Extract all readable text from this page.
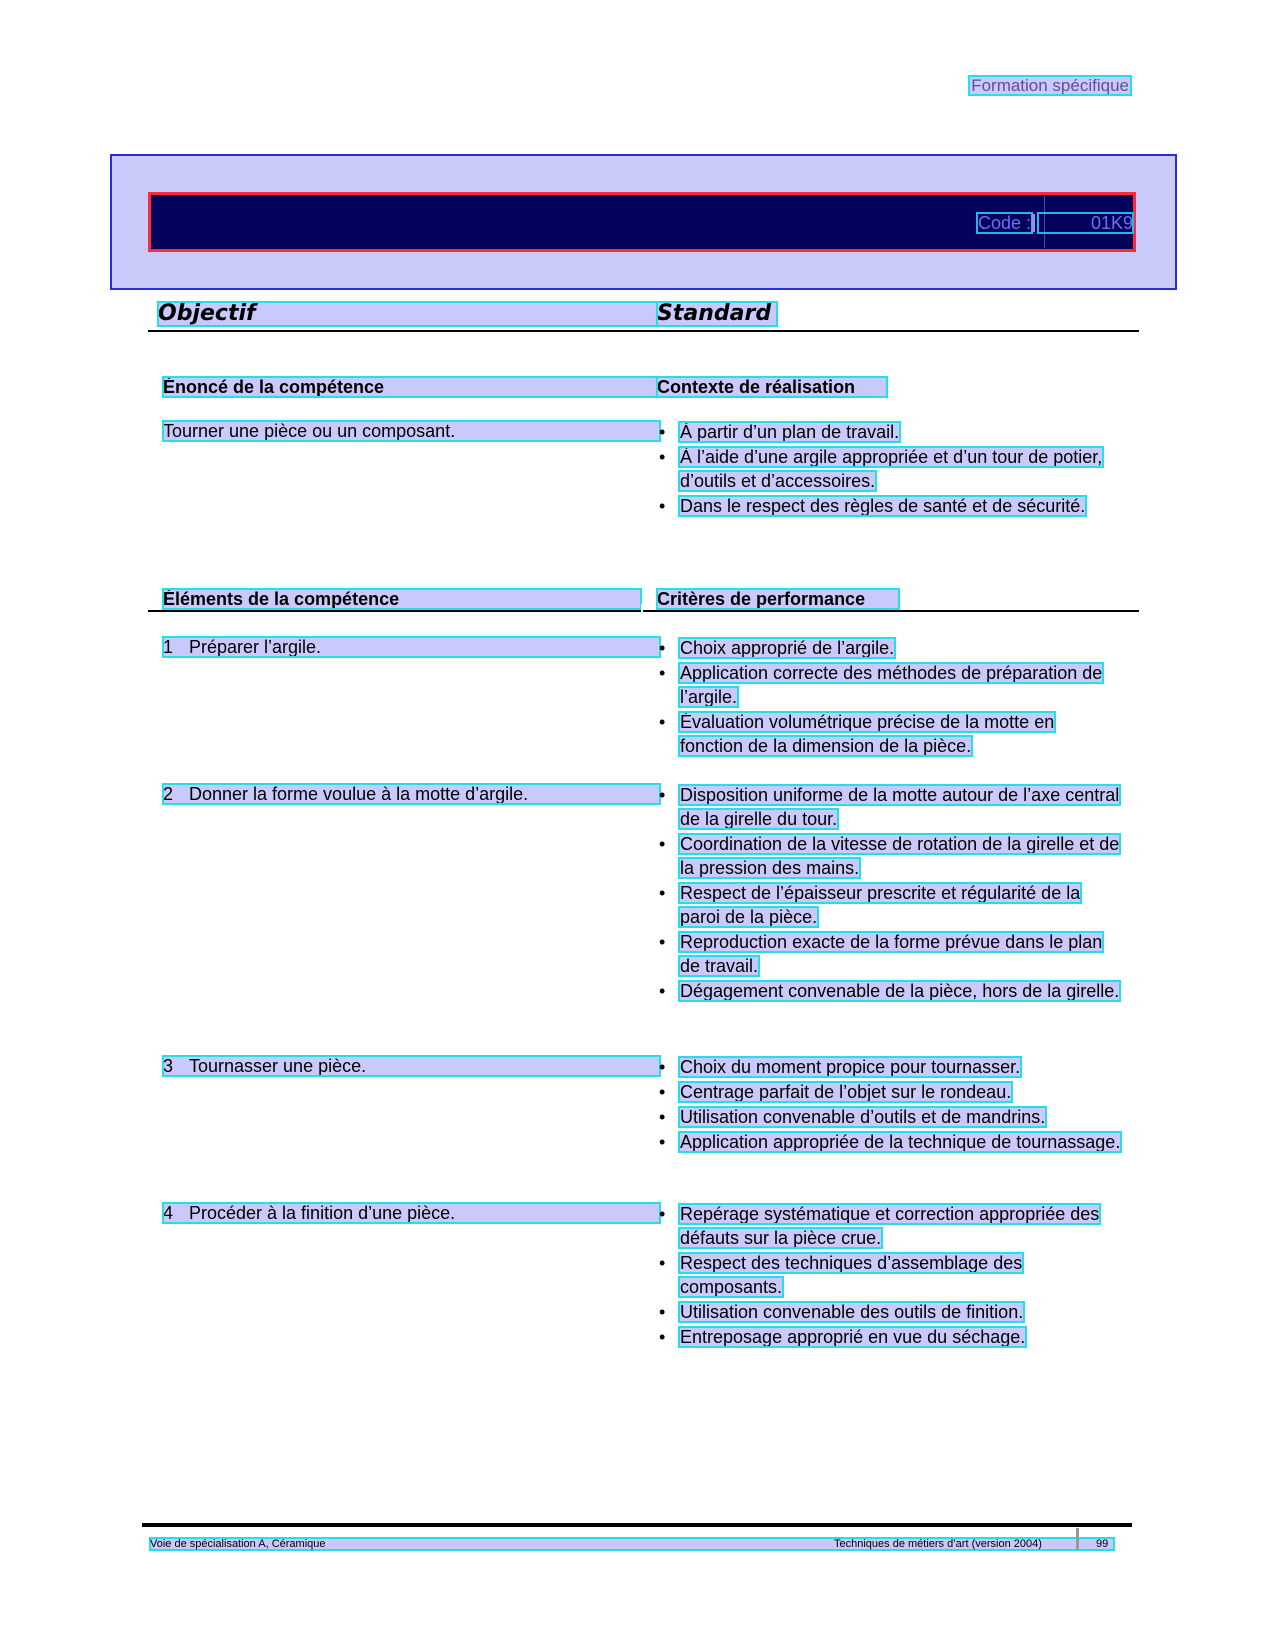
Formation spécifique
Code :	01K9
Objectif	Standard
Énoncé de la compétence	Contexte de réalisation
Tourner une pièce ou un composant.	• À partir d’un plan de travail.
• À l’aide d’une argile appropriée et d’un tour de potier, d’outils et d’accessoires.
• Dans le respect des règles de santé et de sécurité.
Éléments de la compétence	Critères de performance
1 Préparer l’argile.	• Choix approprié de l’argile.
• Application correcte des méthodes de préparation de l’argile.
• Évaluation volumétrique précise de la motte en fonction de la dimension de la pièce.
2 Donner la forme voulue à la motte d’argile.	• Disposition uniforme de la motte autour de l’axe central de la girelle du tour.
• Coordination de la vitesse de rotation de la girelle et de la pression des mains.
• Respect de l’épaisseur prescrite et régularité de la paroi de la pièce.
• Reproduction exacte de la forme prévue dans le plan de travail.
• Dégagement convenable de la pièce, hors de la girelle.
3 Tournasser une pièce.	• Choix du moment propice pour tournasser.
• Centrage parfait de l’objet sur le rondeau.
• Utilisation convenable d’outils et de mandrins.
• Application appropriée de la technique de tournassage.
4 Procéder à la finition d’une pièce.	• Repérage systématique et correction appropriée des défauts sur la pièce crue.
• Respect des techniques d’assemblage des composants.
• Utilisation convenable des outils de finition.
• Entreposage approprié en vue du séchage.
Voie de spécialisation A, Céramique	Techniques de métiers d’art (version 2004)	99
